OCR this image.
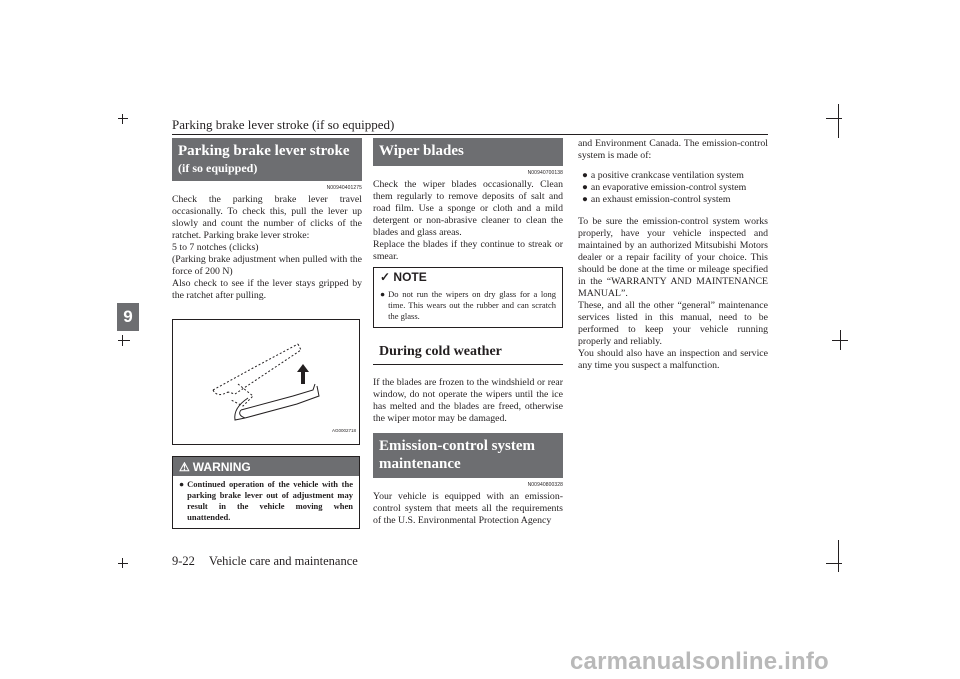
Parking brake lever stroke (if so equipped)
9
Parking brake lever stroke
(if so equipped)
N00940401275

Check the parking brake lever travel occasionally. To check this, pull the lever up slowly and count the number of clicks of the ratchet. Parking brake lever stroke:

5 to 7 notches (clicks)

(Parking brake adjustment when pulled with the force of 200 N)

Also check to see if the lever stays gripped by the ratchet after pulling.

AG0002718
⚠ WARNING
● Continued operation of the vehicle with the parking brake lever out of adjustment may result in the vehicle moving when unattended.
Wiper blades
N00940700138

Check the wiper blades occasionally. Clean them regularly to remove deposits of salt and road film. Use a sponge or cloth and a mild detergent or non-abrasive cleaner to clean the blades and glass areas.

Replace the blades if they continue to streak or smear.

✓ NOTE
● Do not run the wipers on dry glass for a long time. This wears out the rubber and can scratch the glass.
During cold weather
If the blades are frozen to the windshield or rear window, do not operate the wipers until the ice has melted and the blades are freed, otherwise the wiper motor may be damaged.
Emission-control system
maintenance
N00940800328
Your vehicle is equipped with an emission-control system that meets all the requirements of the U.S. Environmental Protection Agency
and Environment Canada. The emission-control system is made of:
● a positive crankcase ventilation system
● an evaporative emission-control system
● an exhaust emission-control system

To be sure the emission-control system works properly, have your vehicle inspected and maintained by an authorized Mitsubishi Motors dealer or a repair facility of your choice. This should be done at the time or mileage specified in the “WARRANTY AND MAINTENANCE MANUAL”.

These, and all the other “general” maintenance services listed in this manual, need to be performed to keep your vehicle running properly and reliably.

You should also have an inspection and service any time you suspect a malfunction.

9-22 Vehicle care and maintenance
carmanualsonline.info
